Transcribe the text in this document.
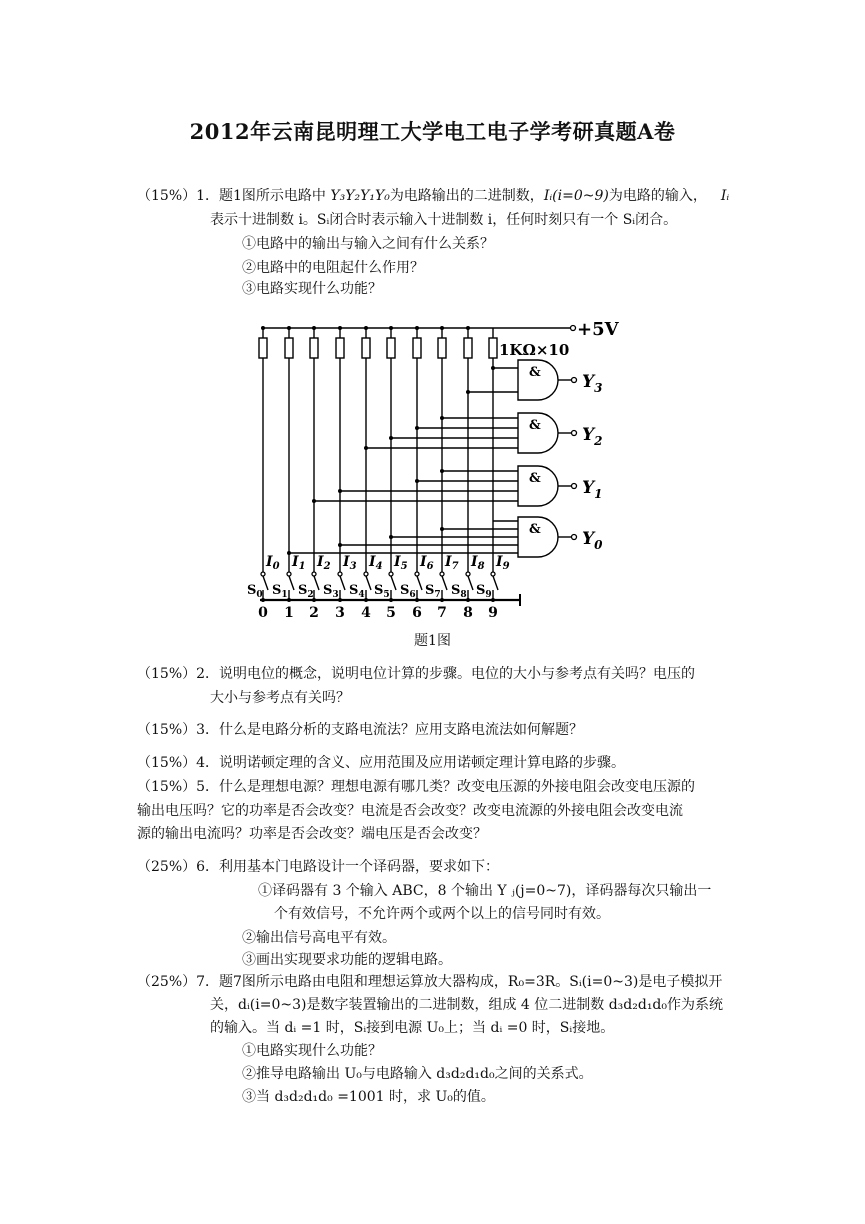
2012年云南昆明理工大学电工电子学考研真题A卷
（15%）1．题1图所示电路中 Y₃Y₂Y₁Y₀为电路输出的二进制数，Iᵢ(i=0~9)为电路的输入， Iᵢ
表示十进制数 i。Sᵢ闭合时表示输入十进制数 i，任何时刻只有一个 Sᵢ闭合。
①电路中的输出与输入之间有什么关系？
②电路中的电阻起什么作用？
③电路实现什么功能？
+5V
1KΩ×10
&
&
&
&
$Y_3$
$Y_2$
$Y_1$
$Y_0$
$I_0$ $I_1$ $I_2$ $I_3$ $I_4$ $I_5$ $I_6$ $I_7$ $I_8$ $I_9$
$S_0$ $S_1$ $S_2$ $S_3$ $S_4$ $S_5$ $S_6$ $S_7$ $S_8$ $S_9$
0 1 2 3 4 5 6 7 8 9
题1图
（15%）2．说明电位的概念，说明电位计算的步骤。电位的大小与参考点有关吗？电压的
大小与参考点有关吗？
（15%）3．什么是电路分析的支路电流法？应用支路电流法如何解题？
（15%）4．说明诺顿定理的含义、应用范围及应用诺顿定理计算电路的步骤。
（15%）5．什么是理想电源？理想电源有哪几类？改变电压源的外接电阻会改变电压源的
输出电压吗？它的功率是否会改变？电流是否会改变？改变电流源的外接电阻会改变电流
源的输出电流吗？功率是否会改变？端电压是否会改变？
（25%）6．利用基本门电路设计一个译码器，要求如下：
①译码器有 3 个输入 ABC，8 个输出 Y ⱼ(j=0~7)，译码器每次只输出一
个有效信号，不允许两个或两个以上的信号同时有效。
②输出信号高电平有效。
③画出实现要求功能的逻辑电路。
（25%）7．题7图所示电路由电阻和理想运算放大器构成，R₀=3R。Sᵢ(i=0~3)是电子模拟开
关，dᵢ(i=0~3)是数字装置输出的二进制数，组成 4 位二进制数 d₃d₂d₁d₀作为系统
的输入。当 dᵢ =1 时，Sᵢ接到电源 U₀上；当 dᵢ =0 时，Sᵢ接地。
①电路实现什么功能？
②推导电路输出 U₀与电路输入 d₃d₂d₁d₀之间的关系式。
③当 d₃d₂d₁d₀ =1001 时，求 U₀的值。
